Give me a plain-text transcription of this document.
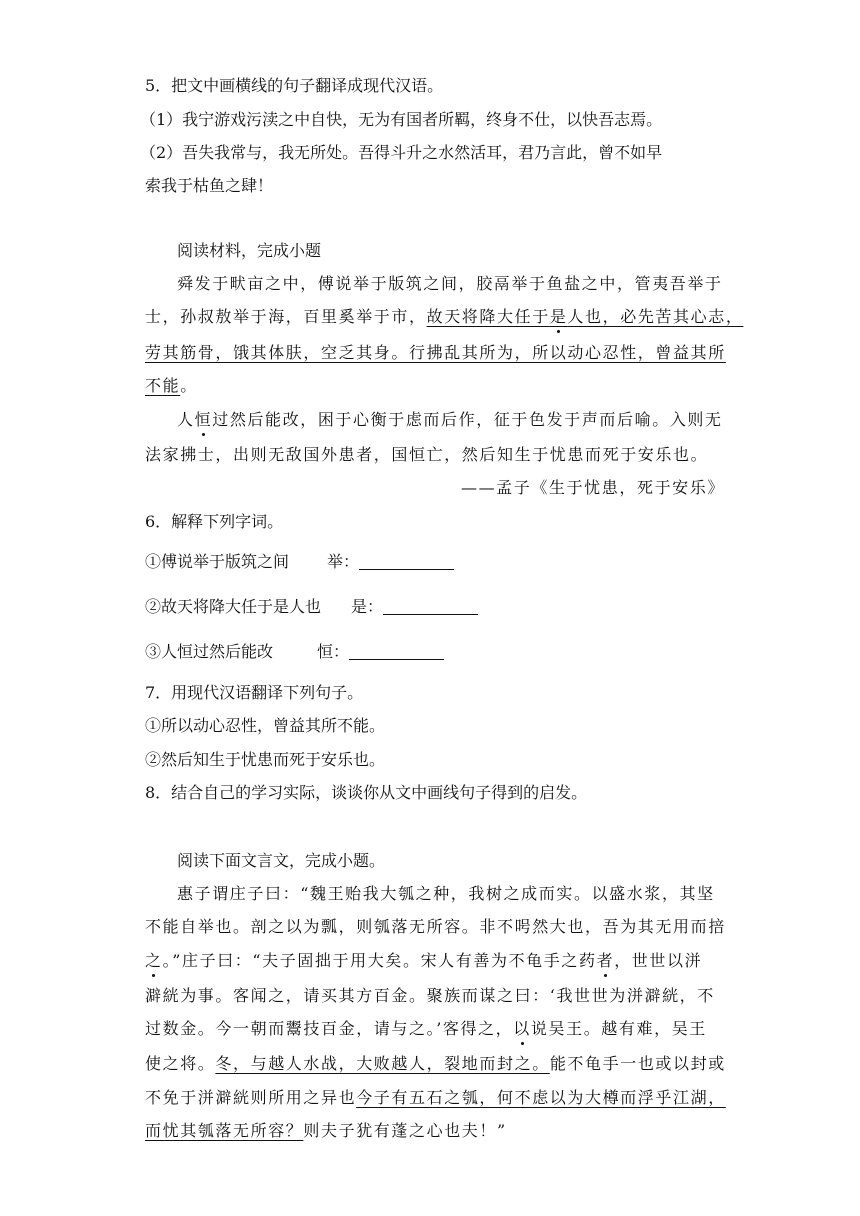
5．把文中画横线的句子翻译成现代汉语。
（1）我宁游戏污渎之中自快，无为有国者所羁，终身不仕，以快吾志焉。
（2）吾失我常与，我无所处。吾得斗升之水然活耳，君乃言此，曾不如早
索我于枯鱼之肆！
阅读材料，完成小题
舜发于畎亩之中，傅说举于版筑之间，胶鬲举于鱼盐之中，管夷吾举于
士，孙叔敖举于海，百里奚举于市，故天将降大任于是人也，必先苦其心志，
劳其筋骨，饿其体肤，空乏其身。行拂乱其所为，所以动心忍性，曾益其所
不能。
人恒过然后能改，困于心衡于虑而后作，征于色发于声而后喻。入则无
法家拂士，出则无敌国外患者，国恒亡，然后知生于忧患而死于安乐也。
——孟子《生于忧患，死于安乐》
6．解释下列字词。
①傅说举于版筑之间 举：
②故天将降大任于是人也 是：
③人恒过然后能改	恒：
7．用现代汉语翻译下列句子。
①所以动心忍性，曾益其所不能。
②然后知生于忧患而死于安乐也。
8．结合自己的学习实际，谈谈你从文中画线句子得到的启发。
阅读下面文言文，完成小题。
惠子谓庄子曰：“魏王贻我大瓠之种，我树之成而实。以盛水浆，其坚
不能自举也。剖之以为瓢，则瓠落无所容。非不呺然大也，吾为其无用而掊
之。”庄子曰：“夫子固拙于用大矣。宋人有善为不龟手之药者，世世以洴
澼絖为事。客闻之，请买其方百金。聚族而谋之曰：‘我世世为洴澼絖，不
过数金。今一朝而鬻技百金，请与之。’客得之，以说吴王。越有难，吴王
使之将。冬，与越人水战，大败越人，裂地而封之。能不龟手一也或以封或
不免于洴澼絖则所用之异也今子有五石之瓠，何不虑以为大樽而浮乎江湖，
而忧其瓠落无所容？则夫子犹有蓬之心也夫！”
